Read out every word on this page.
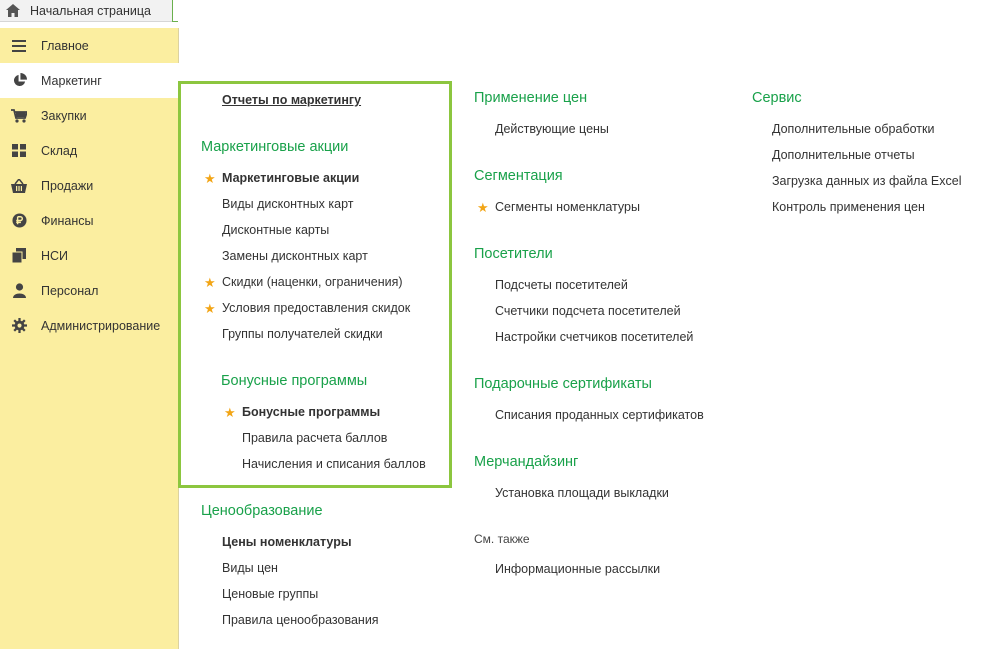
Начальная страница
Главное
Маркетинг
Закупки
Склад
Продажи
Финансы
НСИ
Персонал
Администрирование
Отчеты по маркетингу
Маркетинговые акции
★ Маркетинговые акции
Виды дисконтных карт
Дисконтные карты
Замены дисконтных карт
★ Скидки (наценки, ограничения)
★ Условия предоставления скидок
Группы получателей скидки
Бонусные программы
★ Бонусные программы
Правила расчета баллов
Начисления и списания баллов
Ценообразование
Цены номенклатуры
Виды цен
Ценовые группы
Правила ценообразования
Применение цен
Действующие цены
Сегментация
★ Сегменты номенклатуры
Посетители
Подсчеты посетителей
Счетчики подсчета посетителей
Настройки счетчиков посетителей
Подарочные сертификаты
Списания проданных сертификатов
Мерчандайзинг
Установка площади выкладки
См. также
Информационные рассылки
Сервис
Дополнительные обработки
Дополнительные отчеты
Загрузка данных из файла Excel
Контроль применения цен
